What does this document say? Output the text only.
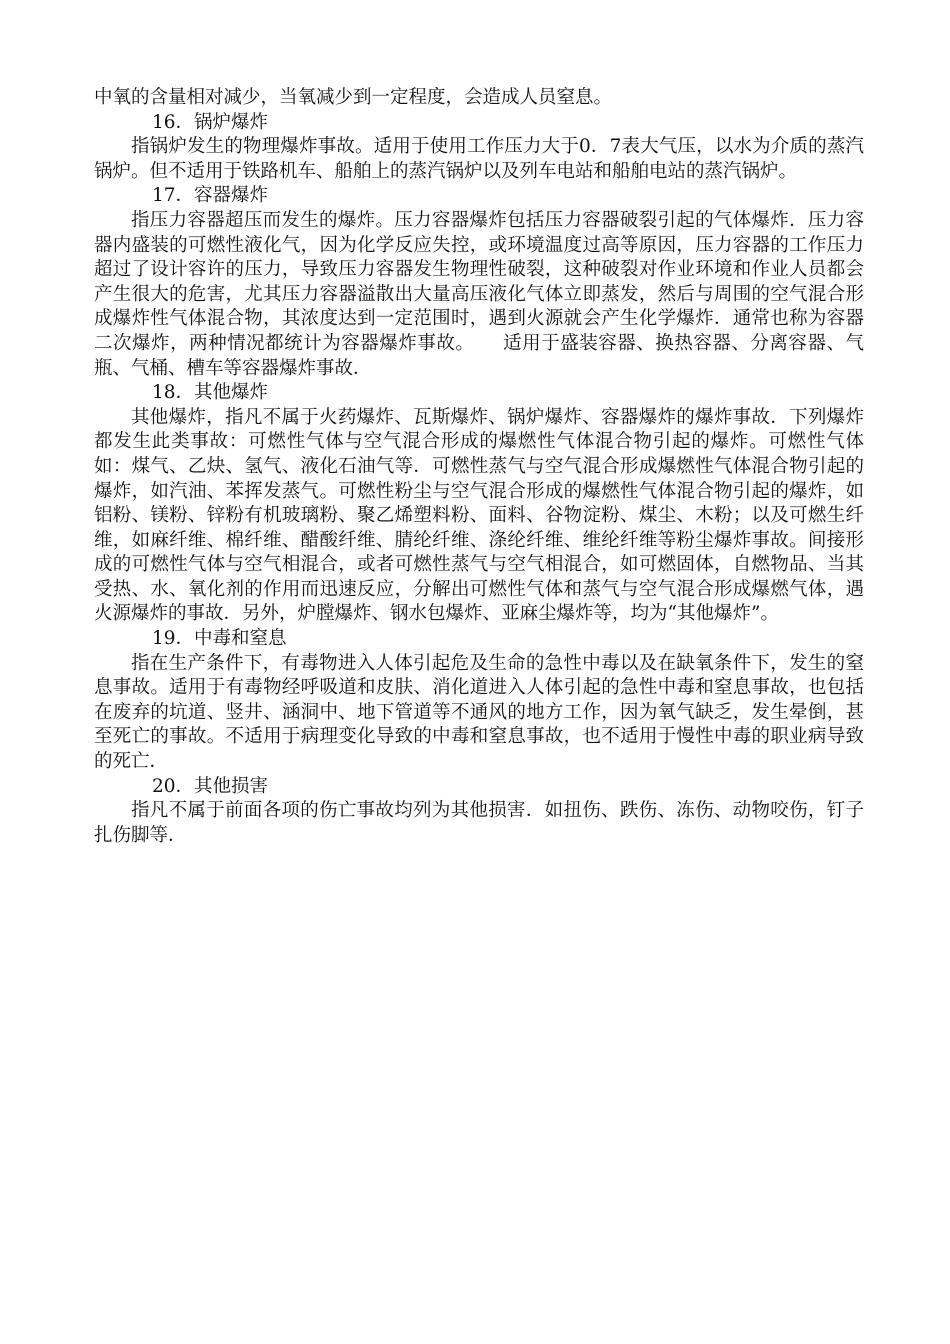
中氧的含量相对减少，当氧减少到一定程度，会造成人员窒息。

16．锅炉爆炸

指锅炉发生的物理爆炸事故。适用于使用工作压力大于0．7表大气压，以水为介质的蒸汽锅炉。但不适用于铁路机车、船舶上的蒸汽锅炉以及列车电站和船舶电站的蒸汽锅炉。

17．容器爆炸

指压力容器超压而发生的爆炸。压力容器爆炸包括压力容器破裂引起的气体爆炸．压力容器内盛装的可燃性液化气，因为化学反应失控，或环境温度过高等原因，压力容器的工作压力超过了设计容许的压力，导致压力容器发生物理性破裂，这种破裂对作业环境和作业人员都会产生很大的危害，尤其压力容器溢散出大量高压液化气体立即蒸发，然后与周围的空气混合形成爆炸性气体混合物，其浓度达到一定范围时，遇到火源就会产生化学爆炸．通常也称为容器二次爆炸，两种情况都统计为容器爆炸事故。　　适用于盛装容器、换热容器、分离容器、气瓶、气桶、槽车等容器爆炸事故．

18．其他爆炸

其他爆炸，指凡不属于火药爆炸、瓦斯爆炸、锅炉爆炸、容器爆炸的爆炸事故．下列爆炸都发生此类事故：可燃性气体与空气混合形成的爆燃性气体混合物引起的爆炸。可燃性气体如：煤气、乙炔、氢气、液化石油气等．可燃性蒸气与空气混合形成爆燃性气体混合物引起的爆炸，如汽油、苯挥发蒸气。可燃性粉尘与空气混合形成的爆燃性气体混合物引起的爆炸，如铝粉、镁粉、锌粉有机玻璃粉、聚乙烯塑料粉、面料、谷物淀粉、煤尘、木粉；以及可燃生纤维，如麻纤维、棉纤维、醋酸纤维、腈纶纤维、涤纶纤维、维纶纤维等粉尘爆炸事故。间接形成的可燃性气体与空气相混合，或者可燃性蒸气与空气相混合，如可燃固体，自燃物品、当其受热、水、氧化剂的作用而迅速反应，分解出可燃性气体和蒸气与空气混合形成爆燃气体，遇火源爆炸的事故．另外，炉膛爆炸、钢水包爆炸、亚麻尘爆炸等，均为“其他爆炸”。

19．中毒和窒息

指在生产条件下，有毒物进入人体引起危及生命的急性中毒以及在缺氧条件下，发生的窒息事故。适用于有毒物经呼吸道和皮肤、消化道进入人体引起的急性中毒和窒息事故，也包括在废弃的坑道、竖井、涵洞中、地下管道等不通风的地方工作，因为氧气缺乏，发生晕倒，甚至死亡的事故。不适用于病理变化导致的中毒和窒息事故，也不适用于慢性中毒的职业病导致的死亡．

20．其他损害

指凡不属于前面各项的伤亡事故均列为其他损害．如扭伤、跌伤、冻伤、动物咬伤，钉子扎伤脚等．
